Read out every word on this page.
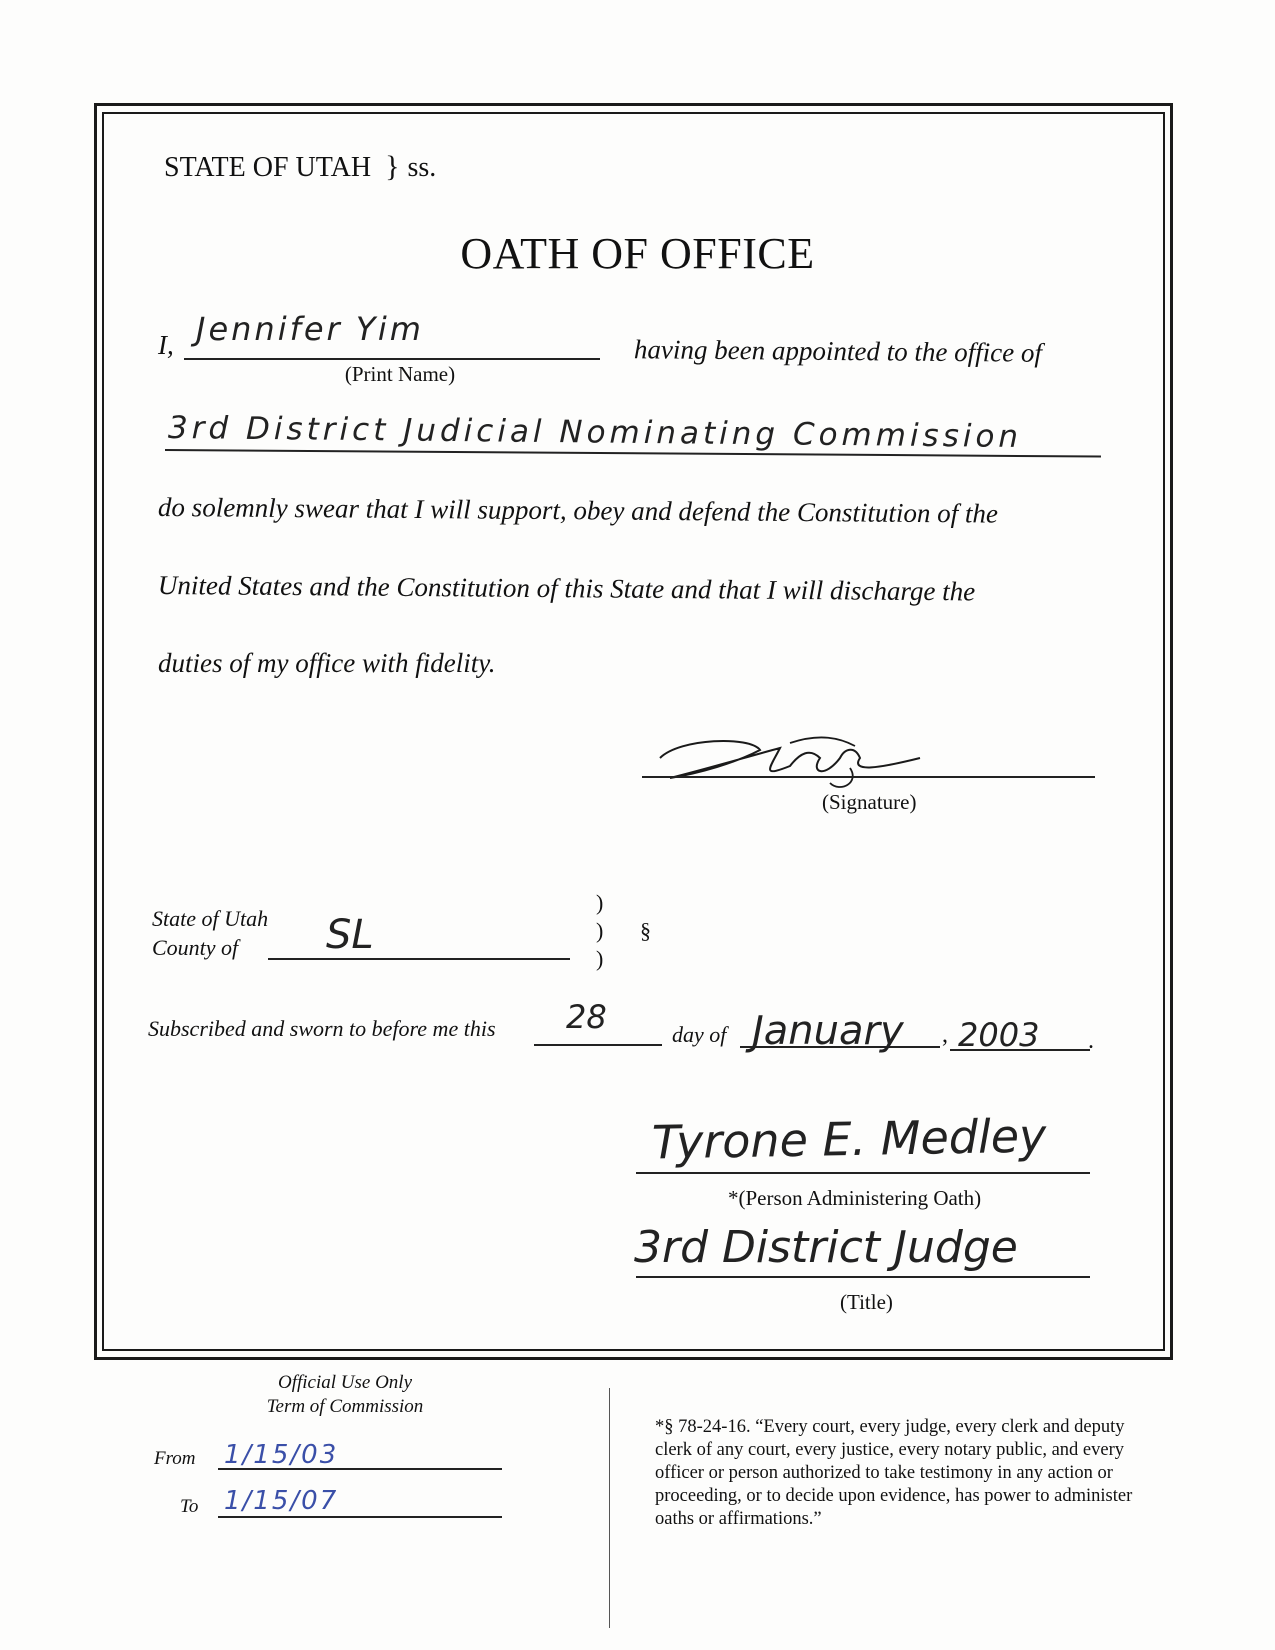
STATE OF UTAH } ss.
OATH OF OFFICE
I, Jennifer Yim
(Print Name)
having been appointed to the office of
3rd District Judicial Nominating Commission
do solemnly swear that I will support, obey and defend the Constitution of the
United States and the Constitution of this State and that I will discharge the
duties of my office with fidelity.
(Signature)
State of Utah
County of SL
)
)
)
§
Subscribed and sworn to before me this 28	day of January , 2003 .
Tyrone E. Medley
*(Person Administering Oath)
3rd District Judge
(Title)
Official Use Only
Term of Commission
From 1/15/03
To 1/15/07
*§ 78-24-16. “Every court, every judge, every clerk and deputy clerk of any court, every justice, every notary public, and every officer or person authorized to take testimony in any action or proceeding, or to decide upon evidence, has power to administer oaths or affirmations.”
